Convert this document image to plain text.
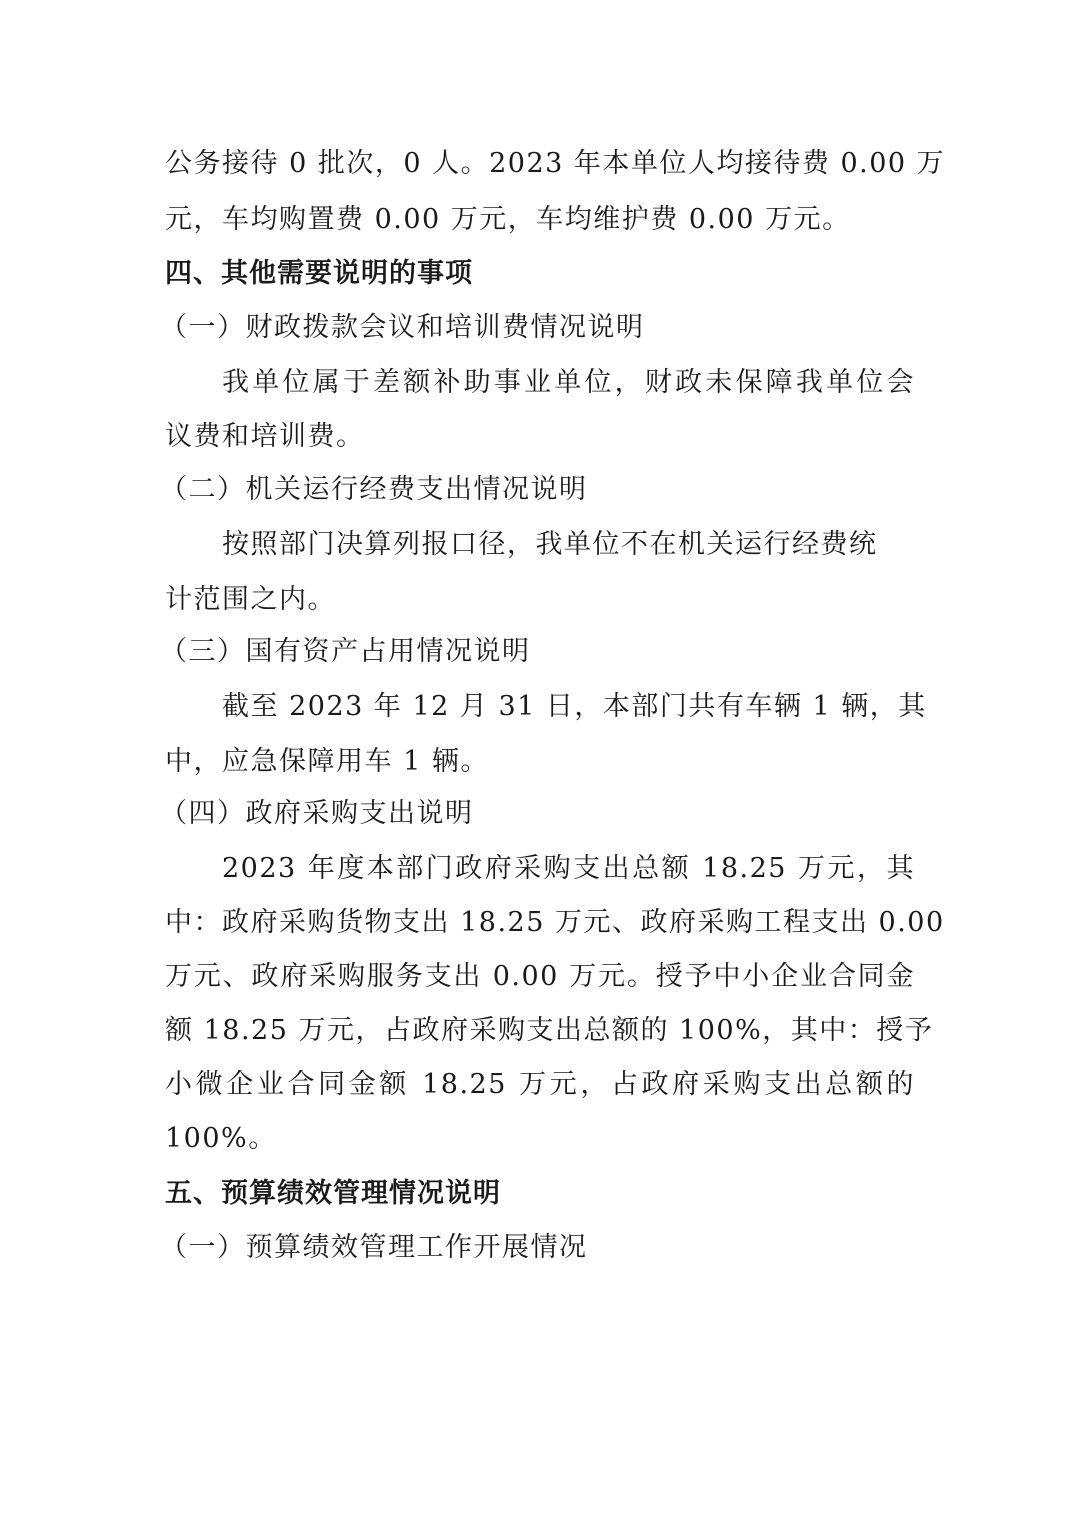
公务接待 0 批次，0 人。2023 年本单位人均接待费 0.00 万
元，车均购置费 0.00 万元，车均维护费 0.00 万元。
四、其他需要说明的事项
（一）财政拨款会议和培训费情况说明
我单位属于差额补助事业单位，财政未保障我单位会
议费和培训费。
（二）机关运行经费支出情况说明
按照部门决算列报口径，我单位不在机关运行经费统
计范围之内。
（三）国有资产占用情况说明
截至 2023 年 12 月 31 日，本部门共有车辆 1 辆，其
中，应急保障用车 1 辆。
（四）政府采购支出说明
2023 年度本部门政府采购支出总额 18.25 万元，其
中：政府采购货物支出 18.25 万元、政府采购工程支出 0.00
万元、政府采购服务支出 0.00 万元。授予中小企业合同金
额 18.25 万元，占政府采购支出总额的 100%，其中：授予
小微企业合同金额 18.25 万元，占政府采购支出总额的
100%。
五、预算绩效管理情况说明
（一）预算绩效管理工作开展情况
